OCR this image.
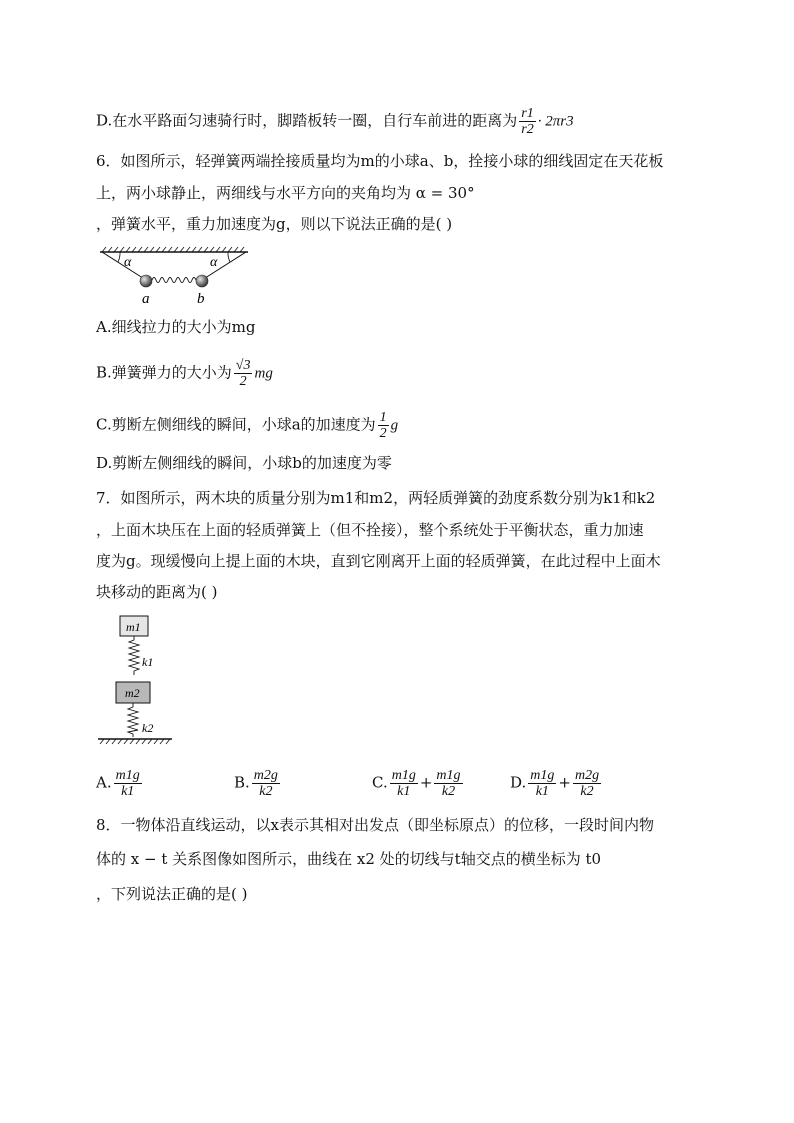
D.在水平路面匀速骑行时，脚踏板转一圈，自行车前进的距离为 $\frac{r1}{r2} \cdot 2\pi r3$
6．如图所示，轻弹簧两端拴接质量均为m的小球a、b，拴接小球的细线固定在天花板
上，两小球静止，两细线与水平方向的夹角均为 α = 30°
，弹簧水平，重力加速度为g，则以下说法正确的是( )
α	α
a	b
A.细线拉力的大小为mg
B.弹簧弹力的大小为 $\frac{√3}{2}$ mg
C.剪断左侧细线的瞬间，小球a的加速度为 $\frac{1}{2}$ g
D.剪断左侧细线的瞬间，小球b的加速度为零
7．如图所示，两木块的质量分别为m1和m2，两轻质弹簧的劲度系数分别为k1和k2
，上面木块压在上面的轻质弹簧上（但不拴接），整个系统处于平衡状态，重力加速
度为g。现缓慢向上提上面的木块，直到它刚离开上面的轻质弹簧，在此过程中上面木
块移动的距离为( )
m1
k1
m2
k2
A. $\frac{m1g}{k1}$	B. $\frac{m2g}{k2}$	C. $\frac{m1g}{k1} + \frac{m1g}{k2}$	D. $\frac{m1g}{k1} + \frac{m2g}{k2}$
8．一物体沿直线运动，以x表示其相对出发点（即坐标原点）的位移，一段时间内物
体的 x − t 关系图像如图所示，曲线在 x2 处的切线与t轴交点的横坐标为 t0
，下列说法正确的是( )
